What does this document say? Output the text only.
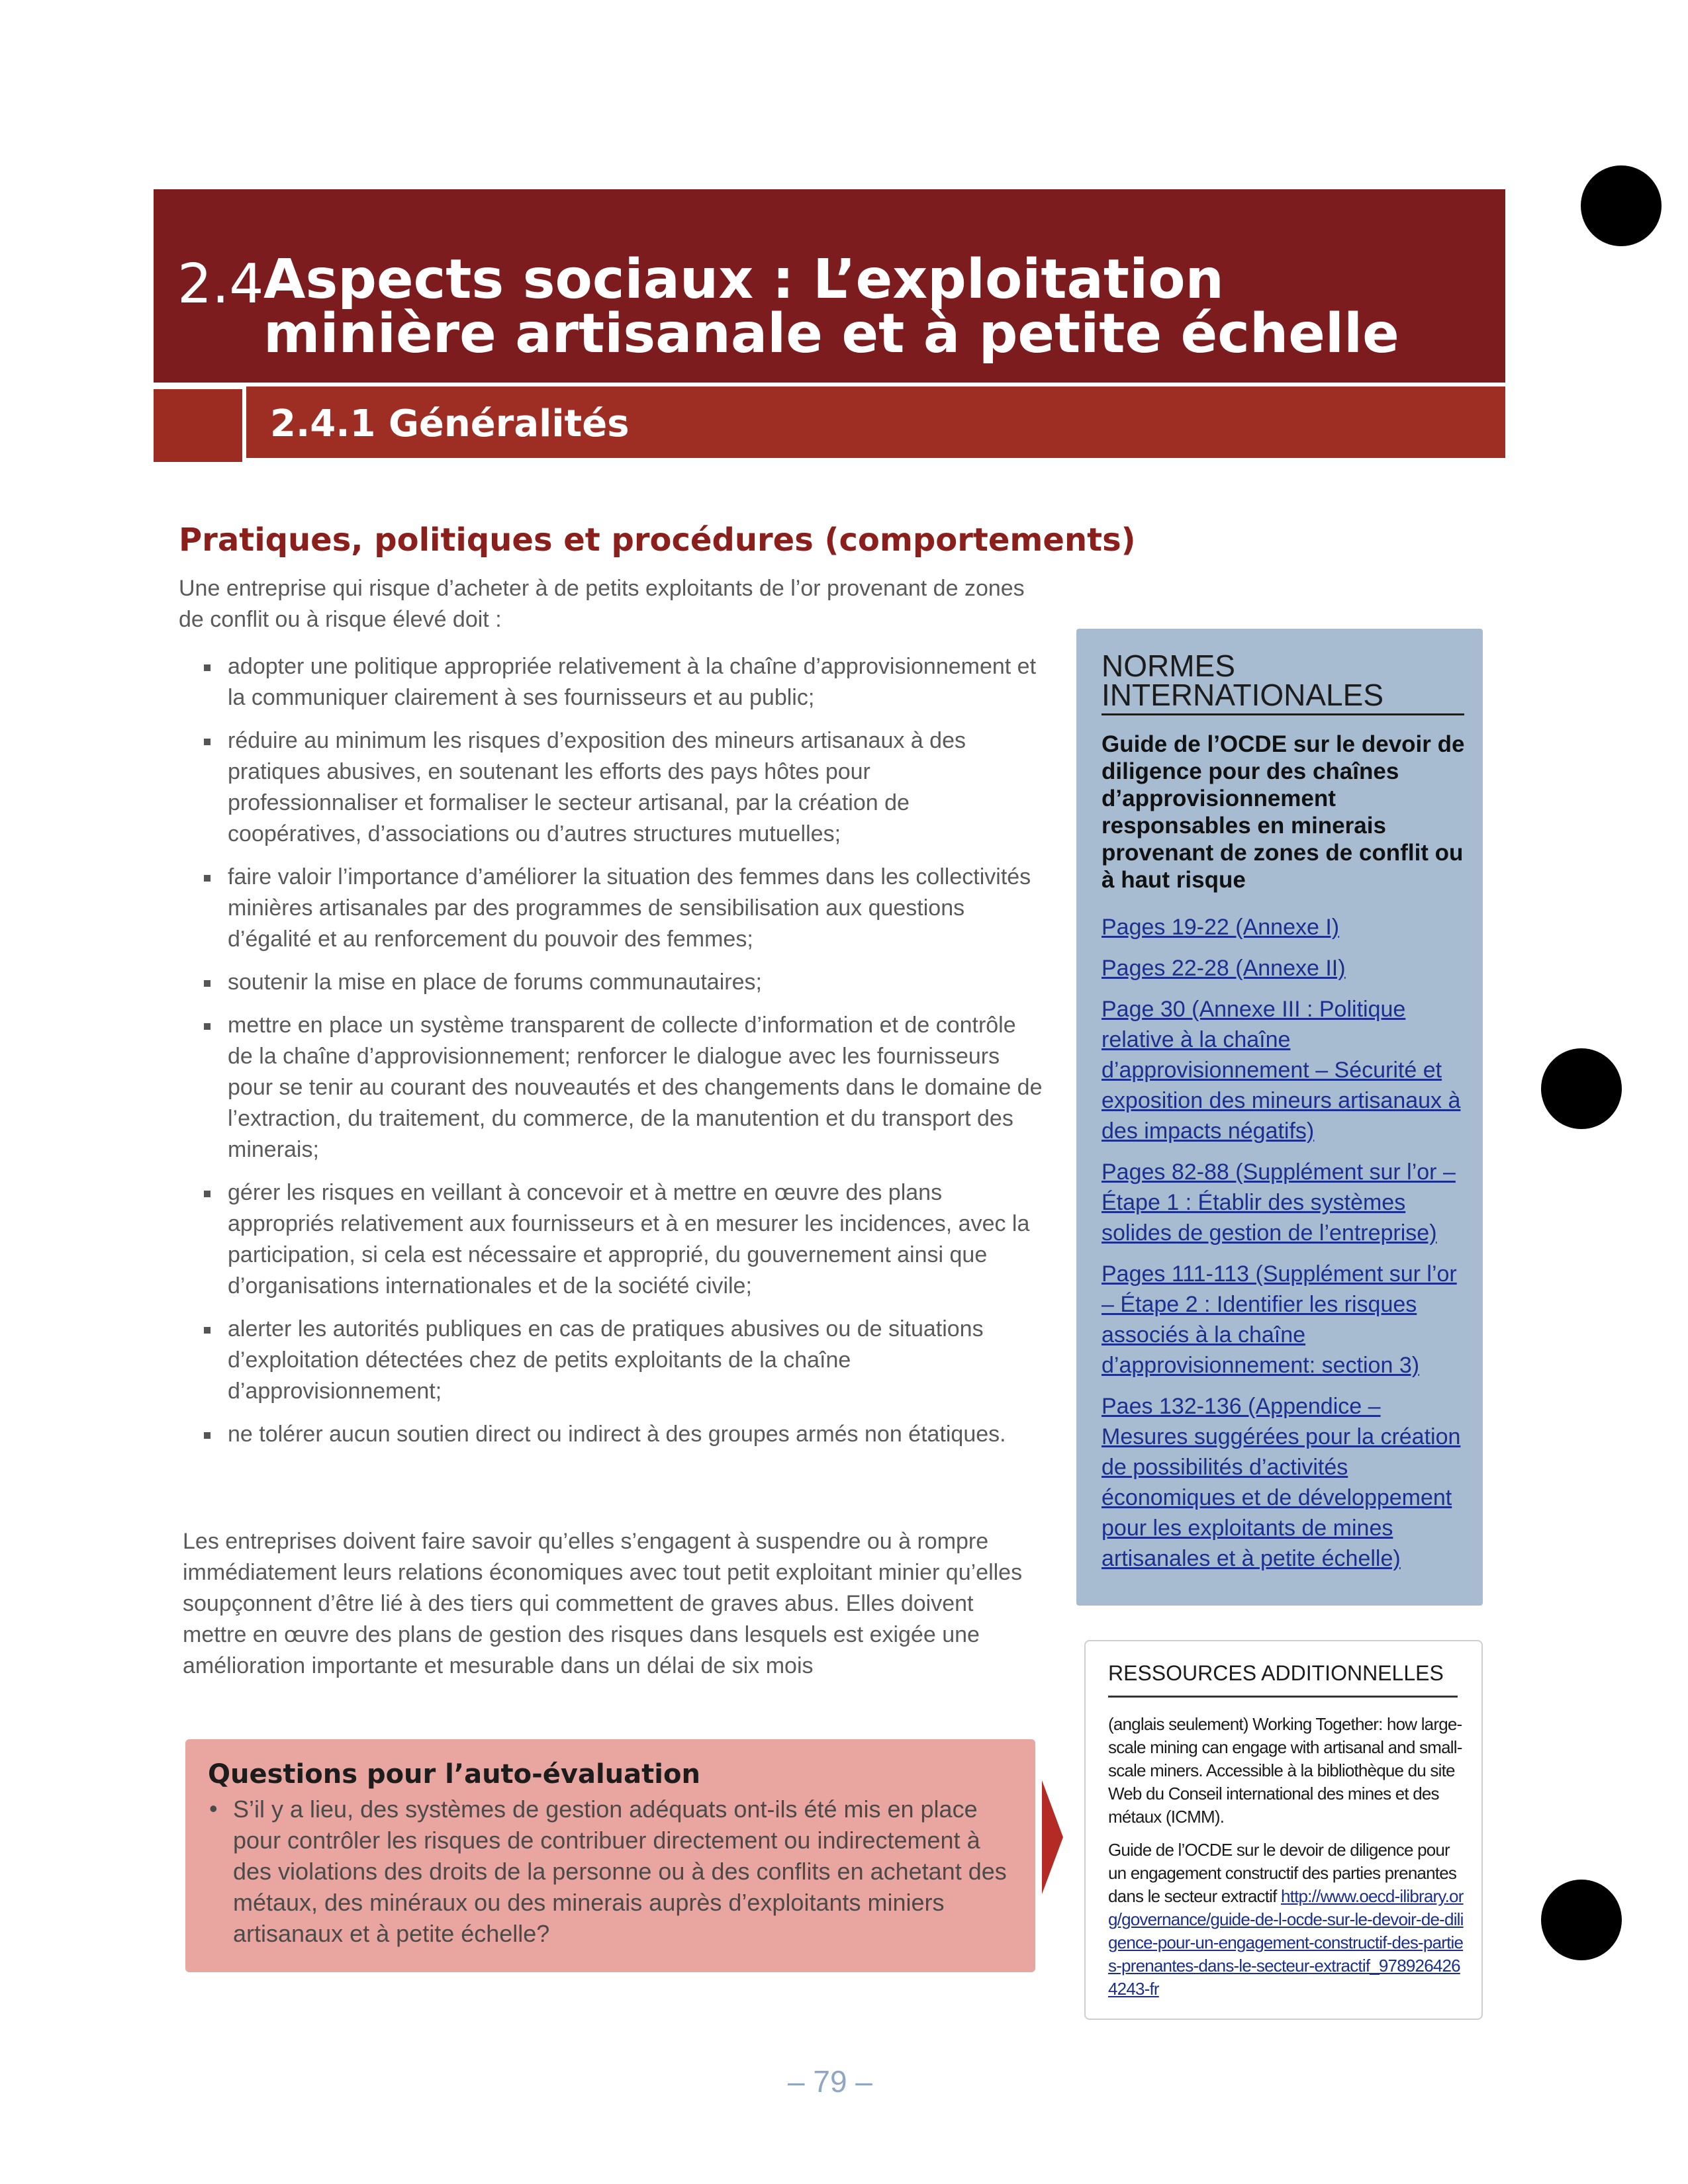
2.4 Aspects sociaux : L’exploitation minière artisanale et à petite échelle
2.4.1 Généralités
Pratiques, politiques et procédures (comportements)
Une entreprise qui risque d’acheter à de petits exploitants de l’or provenant de zones de conflit ou à risque élevé doit :
adopter une politique appropriée relativement à la chaîne d’approvisionnement et la communiquer clairement à ses fournisseurs et au public;
réduire au minimum les risques d’exposition des mineurs artisanaux à des pratiques abusives, en soutenant les efforts des pays hôtes pour professionnaliser et formaliser le secteur artisanal, par la création de coopératives, d’associations ou d’autres structures mutuelles;
faire valoir l’importance d’améliorer la situation des femmes dans les collectivités minières artisanales par des programmes de sensibilisation aux questions d’égalité et au renforcement du pouvoir des femmes;
soutenir la mise en place de forums communautaires;
mettre en place un système transparent de collecte d’information et de contrôle de la chaîne d’approvisionnement; renforcer le dialogue avec les fournisseurs pour se tenir au courant des nouveautés et des changements dans le domaine de l’extraction, du traitement, du commerce, de la manutention et du transport des minerais;
gérer les risques en veillant à concevoir et à mettre en œuvre des plans appropriés relativement aux fournisseurs et à en mesurer les incidences, avec la participation, si cela est nécessaire et approprié, du gouvernement ainsi que d’organisations internationales et de la société civile;
alerter les autorités publiques en cas de pratiques abusives ou de situations d’exploitation détectées chez de petits exploitants de la chaîne d’approvisionnement;
ne tolérer aucun soutien direct ou indirect à des groupes armés non étatiques.
Les entreprises doivent faire savoir qu’elles s’engagent à suspendre ou à rompre immédiatement leurs relations économiques avec tout petit exploitant minier qu’elles soupçonnent d’être lié à des tiers qui commettent de graves abus. Elles doivent mettre en œuvre des plans de gestion des risques dans lesquels est exigée une amélioration importante et mesurable dans un délai de six mois
Questions pour l’auto-évaluation
• S’il y a lieu, des systèmes de gestion adéquats ont-ils été mis en place pour contrôler les risques de contribuer directement ou indirectement à des violations des droits de la personne ou à des conflits en achetant des métaux, des minéraux ou des minerais auprès d’exploitants miniers artisanaux et à petite échelle?
NORMES INTERNATIONALES
Guide de l’OCDE sur le devoir de diligence pour des chaînes d’approvisionnement responsables en minerais provenant de zones de conflit ou à haut risque
Pages 19-22 (Annexe I)
Pages 22-28 (Annexe II)
Page 30 (Annexe III : Politique relative à la chaîne d’approvisionnement – Sécurité et exposition des mineurs artisanaux à des impacts négatifs)
Pages 82-88 (Supplément sur l’or – Étape 1 : Établir des systèmes solides de gestion de l’entreprise)
Pages 111-113 (Supplément sur l’or – Étape 2 : Identifier les risques associés à la chaîne d’approvisionnement: section 3)
Paes 132-136 (Appendice – Mesures suggérées pour la création de possibilités d’activités économiques et de développement pour les exploitants de mines artisanales et à petite échelle)
RESSOURCES ADDITIONNELLES
(anglais seulement) Working Together: how large-scale mining can engage with artisanal and small-scale miners. Accessible à la bibliothèque du site Web du Conseil international des mines et des métaux (ICMM).
Guide de l’OCDE sur le devoir de diligence pour un engagement constructif des parties prenantes dans le secteur extractif http://www.oecd-ilibrary.org/governance/guide-de-l-ocde-sur-le-devoir-de-diligence-pour-un-engagement-constructif-des-parties-prenantes-dans-le-secteur-extractif_9789264264243-fr
– 79 –
